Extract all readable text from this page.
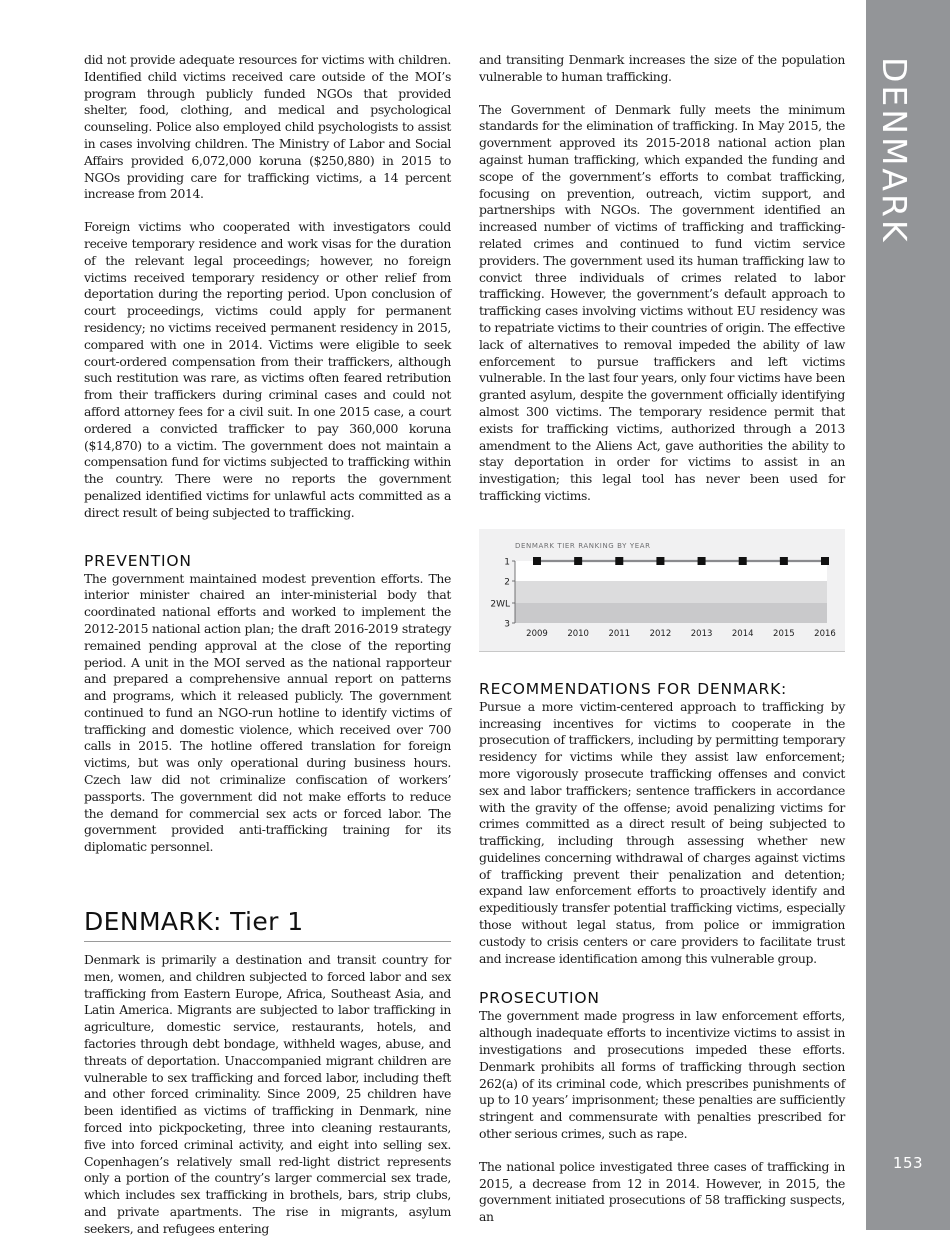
DENMARK
153

did not provide adequate resources for victims with children. Identified child victims received care outside of the MOI’s program through publicly funded NGOs that provided shelter, food, clothing, and medical and psychological counseling. Police also employed child psychologists to assist in cases involving children. The Ministry of Labor and Social Affairs provided 6,072,000 koruna ($250,880) in 2015 to NGOs providing care for trafficking victims, a 14 percent increase from 2014.

Foreign victims who cooperated with investigators could receive temporary residence and work visas for the duration of the relevant legal proceedings; however, no foreign victims received temporary residency or other relief from deportation during the reporting period. Upon conclusion of court proceedings, victims could apply for permanent residency; no victims received permanent residency in 2015, compared with one in 2014. Victims were eligible to seek court-ordered compensation from their traffickers, although such restitution was rare, as victims often feared retribution from their traffickers during criminal cases and could not afford attorney fees for a civil suit. In one 2015 case, a court ordered a convicted trafficker to pay 360,000 koruna ($14,870) to a victim. The government does not maintain a compensation fund for victims subjected to trafficking within the country. There were no reports the government penalized identified victims for unlawful acts committed as a direct result of being subjected to trafficking.

PREVENTION

The government maintained modest prevention efforts. The interior minister chaired an inter-ministerial body that coordinated national efforts and worked to implement the 2012-2015 national action plan; the draft 2016-2019 strategy remained pending approval at the close of the reporting period. A unit in the MOI served as the national rapporteur and prepared a comprehensive annual report on patterns and programs, which it released publicly. The government continued to fund an NGO-run hotline to identify victims of trafficking and domestic violence, which received over 700 calls in 2015. The hotline offered translation for foreign victims, but was only operational during business hours. Czech law did not criminalize confiscation of workers’ passports. The government did not make efforts to reduce the demand for commercial sex acts or forced labor. The government provided anti-trafficking training for its diplomatic personnel.

DENMARK: Tier 1

Denmark is primarily a destination and transit country for men, women, and children subjected to forced labor and sex trafficking from Eastern Europe, Africa, Southeast Asia, and Latin America. Migrants are subjected to labor trafficking in agriculture, domestic service, restaurants, hotels, and factories through debt bondage, withheld wages, abuse, and threats of deportation. Unaccompanied migrant children are vulnerable to sex trafficking and forced labor, including theft and other forced criminality. Since 2009, 25 children have been identified as victims of trafficking in Denmark, nine forced into pickpocketing, three into cleaning restaurants, five into forced criminal activity, and eight into selling sex. Copenhagen’s relatively small red-light district represents only a portion of the country’s larger commercial sex trade, which includes sex trafficking in brothels, bars, strip clubs, and private apartments. The rise in migrants, asylum seekers, and refugees entering

and transiting Denmark increases the size of the population vulnerable to human trafficking.

The Government of Denmark fully meets the minimum standards for the elimination of trafficking. In May 2015, the government approved its 2015-2018 national action plan against human trafficking, which expanded the funding and scope of the government’s efforts to combat trafficking, focusing on prevention, outreach, victim support, and partnerships with NGOs. The government identified an increased number of victims of trafficking and trafficking-related crimes and continued to fund victim service providers. The government used its human trafficking law to convict three individuals of crimes related to labor trafficking. However, the government’s default approach to trafficking cases involving victims without EU residency was to repatriate victims to their countries of origin. The effective lack of alternatives to removal impeded the ability of law enforcement to pursue traffickers and left victims vulnerable. In the last four years, only four victims have been granted asylum, despite the government officially identifying almost 300 victims. The temporary residence permit that exists for trafficking victims, authorized through a 2013 amendment to the Aliens Act, gave authorities the ability to stay deportation in order for victims to assist in an investigation; this legal tool has never been used for trafficking victims.

DENMARK TIER RANKING BY YEAR
1
2
2WL
3
2009 2010 2011 2012 2013 2014 2015 2016
RECOMMENDATIONS FOR DENMARK:

Pursue a more victim-centered approach to trafficking by increasing incentives for victims to cooperate in the prosecution of traffickers, including by permitting temporary residency for victims while they assist law enforcement; more vigorously prosecute trafficking offenses and convict sex and labor traffickers; sentence traffickers in accordance with the gravity of the offense; avoid penalizing victims for crimes committed as a direct result of being subjected to trafficking, including through assessing whether new guidelines concerning withdrawal of charges against victims of trafficking prevent their penalization and detention; expand law enforcement efforts to proactively identify and expeditiously transfer potential trafficking victims, especially those without legal status, from police or immigration custody to crisis centers or care providers to facilitate trust and increase identification among this vulnerable group.

PROSECUTION

The government made progress in law enforcement efforts, although inadequate efforts to incentivize victims to assist in investigations and prosecutions impeded these efforts. Denmark prohibits all forms of trafficking through section 262(a) of its criminal code, which prescribes punishments of up to 10 years’ imprisonment; these penalties are sufficiently stringent and commensurate with penalties prescribed for other serious crimes, such as rape.

The national police investigated three cases of trafficking in 2015, a decrease from 12 in 2014. However, in 2015, the government initiated prosecutions of 58 trafficking suspects, an
